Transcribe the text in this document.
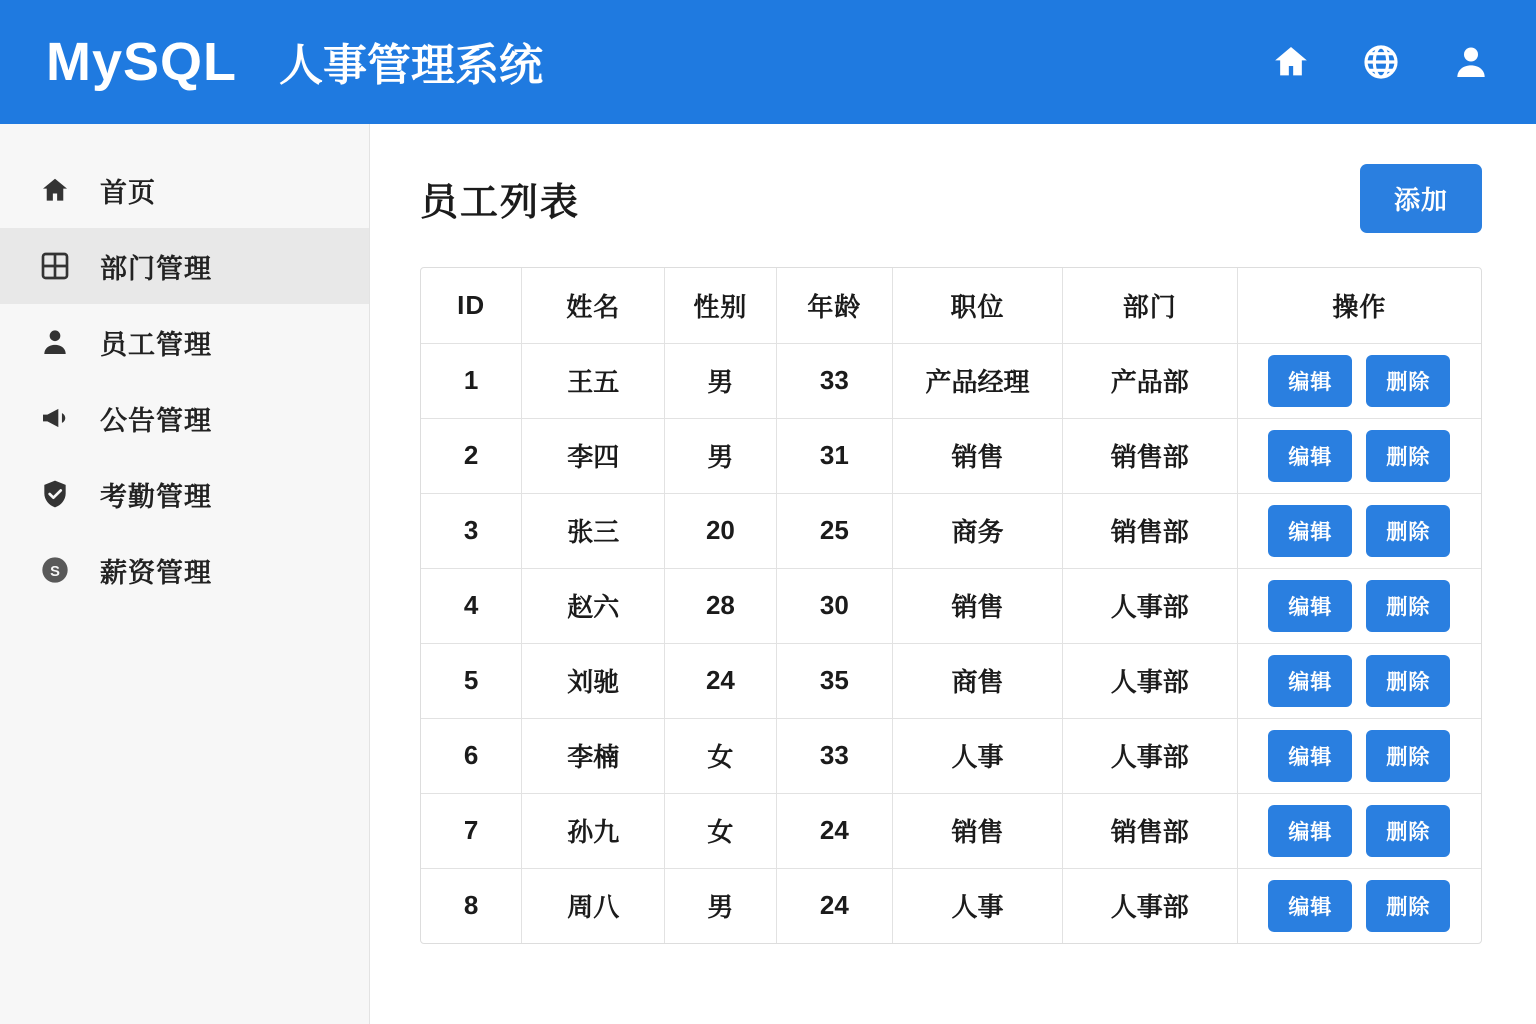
MySQL 人事管理系统
首页
部门管理
员工管理
公告管理
考勤管理
S 薪资管理
员工列表	添加
ID	姓名	性别	年龄	职位	部门	操作
1	王五	男	33	产品经理	产品部	编辑 删除

2	李四	男	31	销售	销售部	编辑 删除

3	张三	20	25	商务	销售部	编辑 删除

4	赵六	28	30	销售	人事部	编辑 删除

5	刘驰	24	35	商售	人事部	编辑 删除

6	李楠	女	33	人事	人事部	编辑 删除

7	孙九	女	24	销售	销售部	编辑 删除

8	周八	男	24	人事	人事部	编辑 删除
